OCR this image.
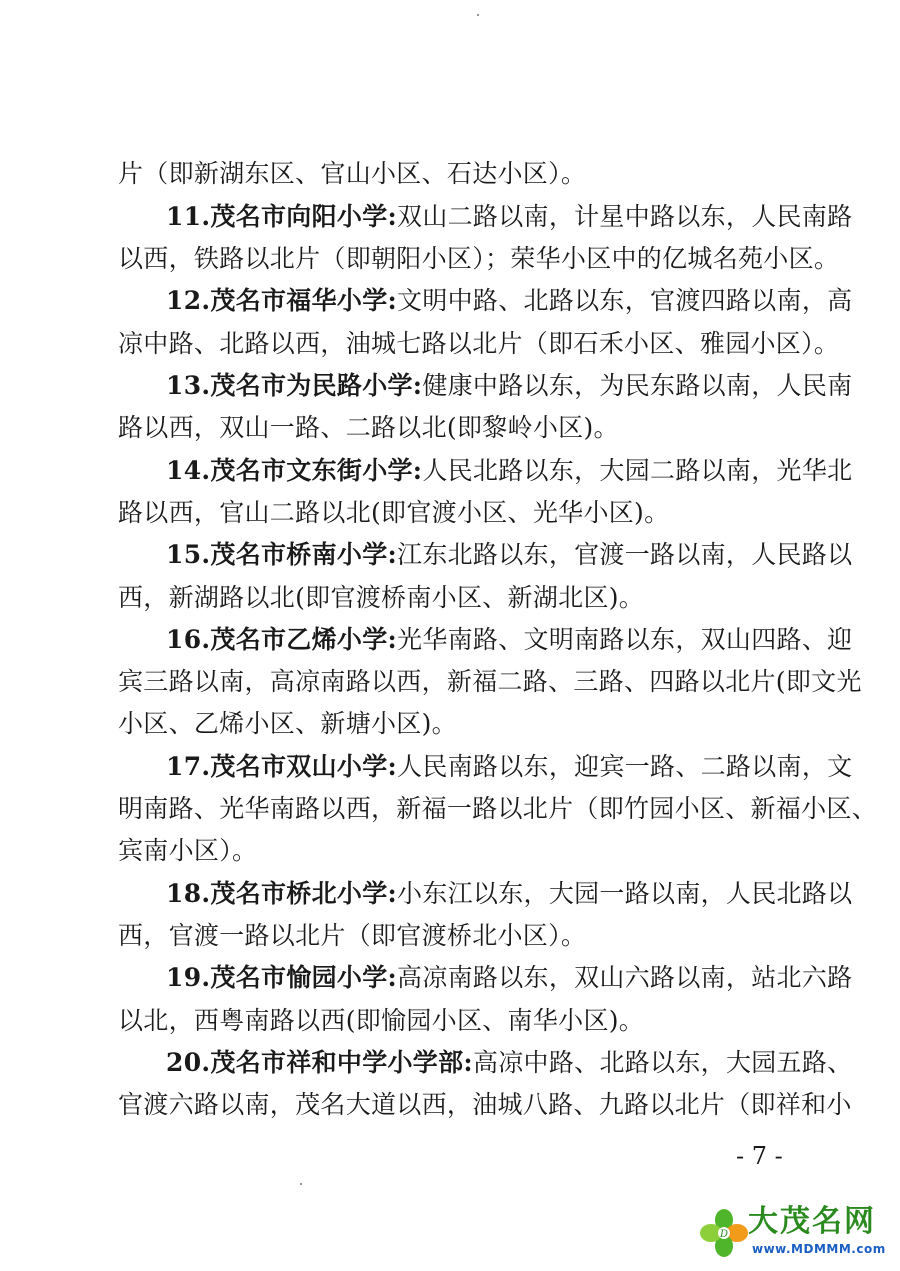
片（即新湖东区、官山小区、石达小区）。
11.茂名市向阳小学:双山二路以南，计星中路以东，人民南路
以西，铁路以北片（即朝阳小区）；荣华小区中的亿城名苑小区。
12.茂名市福华小学:文明中路、北路以东，官渡四路以南，高
凉中路、北路以西，油城七路以北片（即石禾小区、雅园小区）。
13.茂名市为民路小学:健康中路以东，为民东路以南，人民南
路以西，双山一路、二路以北(即黎岭小区)。
14.茂名市文东街小学:人民北路以东，大园二路以南，光华北
路以西，官山二路以北(即官渡小区、光华小区)。
15.茂名市桥南小学:江东北路以东，官渡一路以南，人民路以
西，新湖路以北(即官渡桥南小区、新湖北区)。
16.茂名市乙烯小学:光华南路、文明南路以东，双山四路、迎
宾三路以南，高凉南路以西，新福二路、三路、四路以北片(即文光
小区、乙烯小区、新塘小区)。
17.茂名市双山小学:人民南路以东，迎宾一路、二路以南，文
明南路、光华南路以西，新福一路以北片（即竹园小区、新福小区、
宾南小区）。
18.茂名市桥北小学:小东江以东，大园一路以南，人民北路以
西，官渡一路以北片（即官渡桥北小区）。
19.茂名市愉园小学:高凉南路以东，双山六路以南，站北六路
以北，西粤南路以西(即愉园小区、南华小区)。
20.茂名市祥和中学小学部:高凉中路、北路以东，大园五路、
官渡六路以南，茂名大道以西，油城八路、九路以北片（即祥和小
- 7 -
D 大茂名网
www.MDMMM.com
